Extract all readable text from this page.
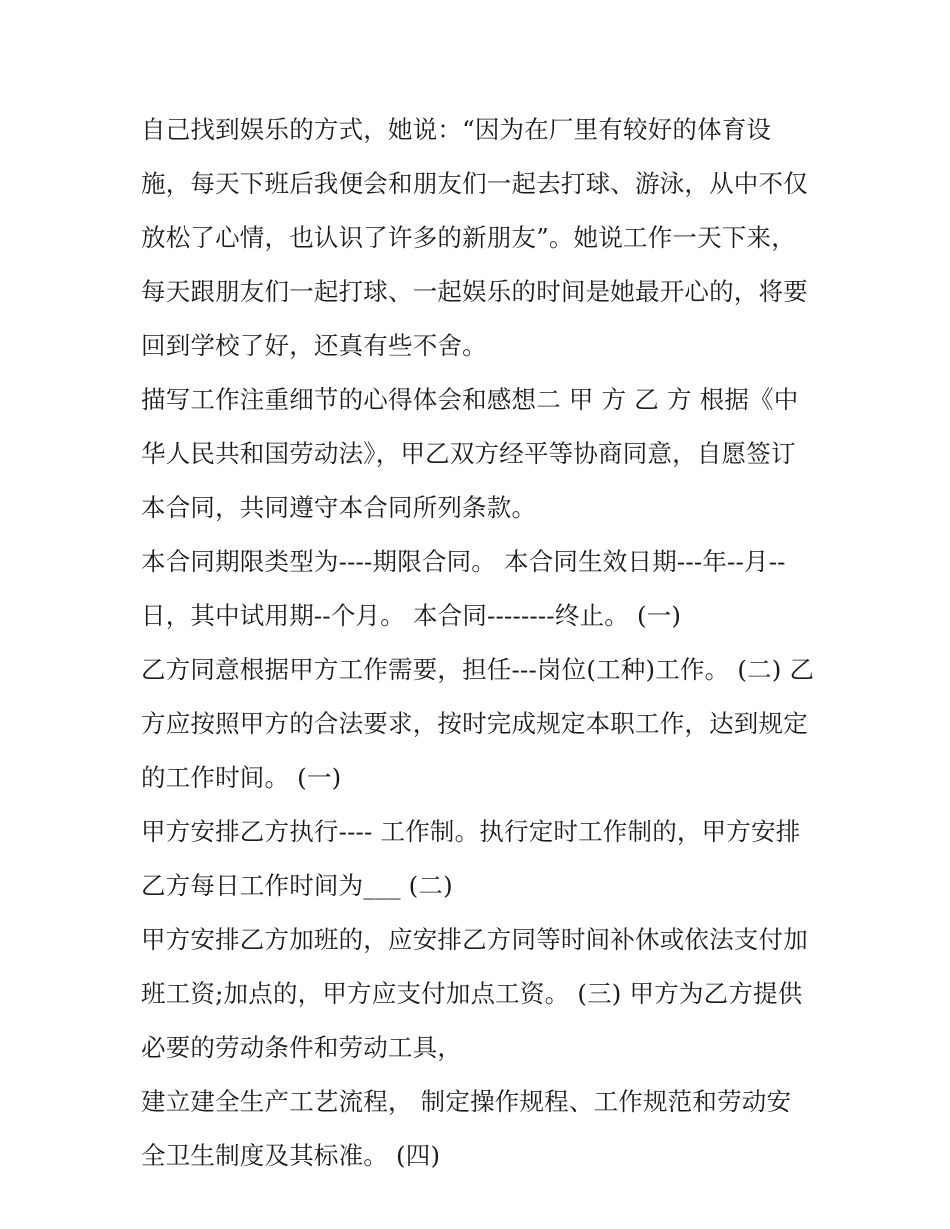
自己找到娱乐的方式，她说：“因为在厂里有较好的体育设
施，每天下班后我便会和朋友们一起去打球、游泳，从中不仅
放松了心情，也认识了许多的新朋友”。她说工作一天下来，
每天跟朋友们一起打球、一起娱乐的时间是她最开心的，将要
回到学校了好，还真有些不舍。
描写工作注重细节的心得体会和感想二 甲 方 乙 方 根据《中
华人民共和国劳动法》，甲乙双方经平等协商同意，自愿签订
本合同，共同遵守本合同所列条款。
本合同期限类型为----期限合同。 本合同生效日期---年--月--
日，其中试用期--个月。 本合同--------终止。 (一)
乙方同意根据甲方工作需要，担任---岗位(工种)工作。 (二) 乙
方应按照甲方的合法要求，按时完成规定本职工作，达到规定
的工作时间。 (一)
甲方安排乙方执行---- 工作制。执行定时工作制的，甲方安排
乙方每日工作时间为___ (二)
甲方安排乙方加班的，应安排乙方同等时间补休或依法支付加
班工资;加点的，甲方应支付加点工资。 (三) 甲方为乙方提供
必要的劳动条件和劳动工具，
建立建全生产工艺流程， 制定操作规程、工作规范和劳动安
全卫生制度及其标准。 (四)
